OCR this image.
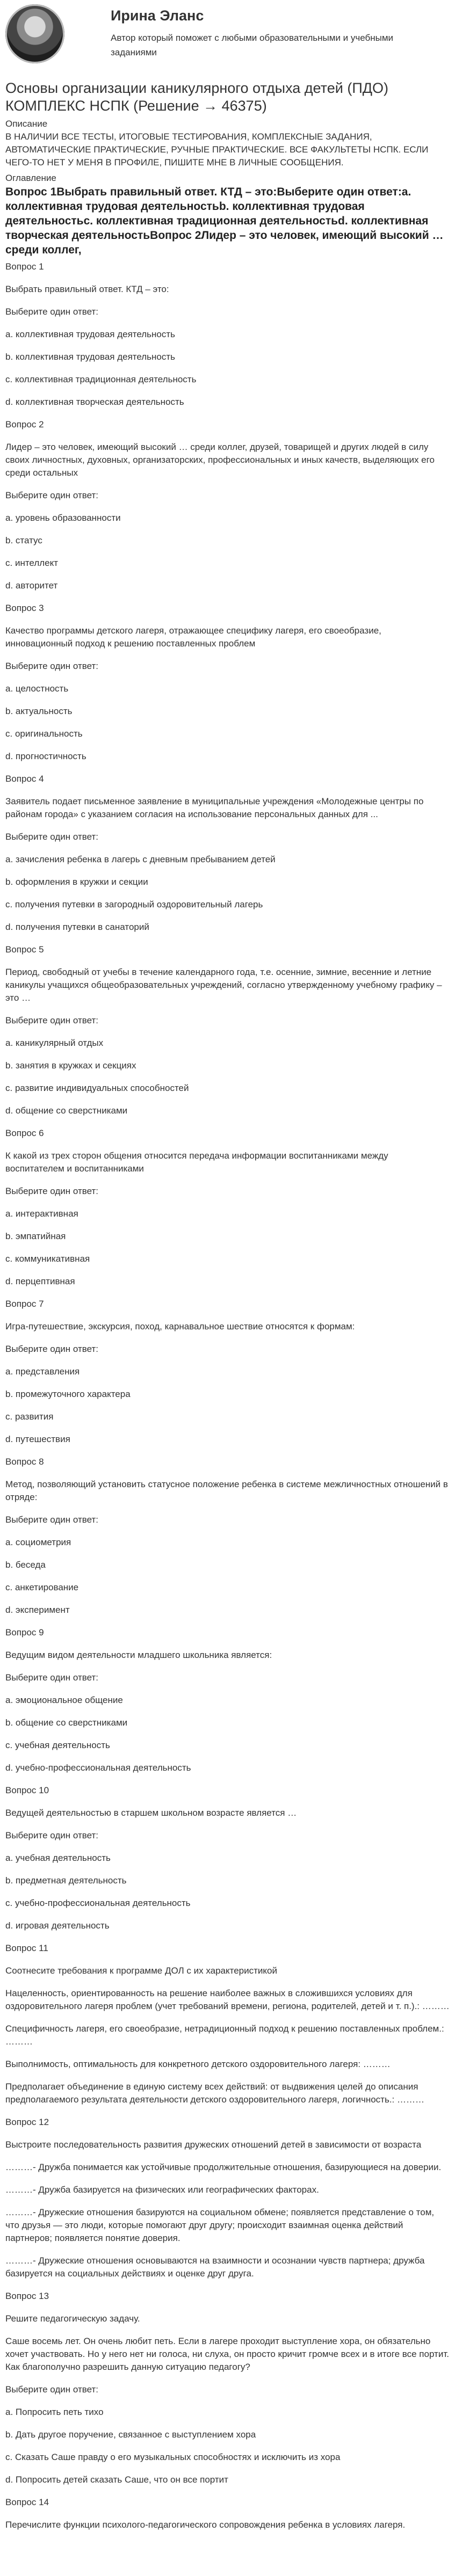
Ирина Эланс
Автор который поможет с любыми образовательными и учебными заданиями
Основы организации каникулярного отдыха детей (ПДО) КОМПЛЕКС НСПК (Решение → 46375)
Описание
В НАЛИЧИИ ВСЕ ТЕСТЫ, ИТОГОВЫЕ ТЕСТИРОВАНИЯ, КОМПЛЕКСНЫЕ ЗАДАНИЯ, АВТОМАТИЧЕСКИЕ ПРАКТИЧЕСКИЕ, РУЧНЫЕ ПРАКТИЧЕСКИЕ. ВСЕ ФАКУЛЬТЕТЫ НСПК. ЕСЛИ ЧЕГО-ТО НЕТ У МЕНЯ В ПРОФИЛЕ, ПИШИТЕ МНЕ В ЛИЧНЫЕ СООБЩЕНИЯ.
Оглавление
Вопрос 1Выбрать правильный ответ. КТД – это:Выберите один ответ:a. коллективная трудовая деятельностьb. коллективная трудовая деятельностьc. коллективная традиционная деятельностьd. коллективная творческая деятельностьВопрос 2Лидер – это человек, имеющий высокий … среди коллег,
Вопрос 1
Выбрать правильный ответ. КТД – это:
Выберите один ответ:
a. коллективная трудовая деятельность
b. коллективная трудовая деятельность
c. коллективная традиционная деятельность
d. коллективная творческая деятельность
Вопрос 2
Лидер – это человек, имеющий высокий … среди коллег, друзей, товарищей и других людей в силу своих личностных, духовных, организаторских, профессиональных и иных качеств, выделяющих его среди остальных
Выберите один ответ:
a. уровень образованности
b. статус
c. интеллект
d. авторитет
Вопрос 3
Качество программы детского лагеря, отражающее специфику лагеря, его своеобразие, инновационный подход к решению поставленных проблем
Выберите один ответ:
a. целостность
b. актуальность
c. оригинальность
d. прогностичность
Вопрос 4
Заявитель подает письменное заявление в муниципальные учреждения «Молодежные центры по районам города» с указанием согласия на использование персональных данных для ...
Выберите один ответ:
a. зачисления ребенка в лагерь с дневным пребыванием детей
b. оформления в кружки и секции
c. получения путевки в загородный оздоровительный лагерь
d. получения путевки в санаторий
Вопрос 5
Период, свободный от учебы в течение календарного года, т.е. осенние, зимние, весенние и летние каникулы учащихся общеобразовательных учреждений, согласно утвержденному учебному графику – это …
Выберите один ответ:
a. каникулярный отдых
b. занятия в кружках и секциях
c. развитие индивидуальных способностей
d. общение со сверстниками
Вопрос 6
К какой из трех сторон общения относится передача информации воспитанниками между воспитателем и воспитанниками
Выберите один ответ:
a. интерактивная
b. эмпатийная
c. коммуникативная
d. перцептивная
Вопрос 7
Игра-путешествие, экскурсия, поход, карнавальное шествие относятся к формам:
Выберите один ответ:
a. представления
b. промежуточного характера
c. развития
d. путешествия
Вопрос 8
Метод, позволяющий установить статусное положение ребенка в системе межличностных отношений в отряде:
Выберите один ответ:
a. социометрия
b. беседа
c. анкетирование
d. эксперимент
Вопрос 9
Ведущим видом деятельности младшего школьника является:
Выберите один ответ:
a. эмоциональное общение
b. общение со сверстниками
c. учебная деятельность
d. учебно-профессиональная деятельность
Вопрос 10
Ведущей деятельностью в старшем школьном возрасте является …
Выберите один ответ:
a. учебная деятельность
b. предметная деятельность
c. учебно-профессиональная деятельность
d. игровая деятельность
Вопрос 11
Соотнесите требования к программе ДОЛ с их характеристикой
Нацеленность, ориентированность на решение наиболее важных в сложившихся условиях для оздоровительного лагеря проблем (учет требований времени, региона, родителей, детей и т. п.).: ………
Специфичность лагеря, его своеобразие, нетрадиционный подход к решению поставленных проблем.: ………
Выполнимость, оптимальность для конкретного детского оздоровительного лагеря: ………
Предполагает объединение в единую систему всех действий: от выдвижения целей до описания предполагаемого результата деятельности детского оздоровительного лагеря, логичность.: ………
Вопрос 12
Выстроите последовательность развития дружеских отношений детей в зависимости от возраста
………- Дружба понимается как устойчивые продолжительные отношения, базирующиеся на доверии.
………- Дружба базируется на физических или географических факторах.
………- Дружеские отношения базируются на социальном обмене; появляется представление о том, что друзья — это люди, которые помогают друг другу; происходит взаимная оценка действий партнеров; появляется понятие доверия.
………- Дружеские отношения основываются на взаимности и осознании чувств партнера; дружба базируется на социальных действиях и оценке друг друга.
Вопрос 13
Решите педагогическую задачу.
Саше восемь лет. Он очень любит петь. Если в лагере проходит выступление хора, он обязательно хочет участвовать. Но у него нет ни голоса, ни слуха, он просто кричит громче всех и в итоге все портит. Как благополучно разрешить данную ситуацию педагогу?
Выберите один ответ:
a. Попросить петь тихо
b. Дать другое поручение, связанное с выступлением хора
c. Сказать Саше правду о его музыкальных способностях и исключить из хора
d. Попросить детей сказать Саше, что он все портит
Вопрос 14
Перечислите функции психолого-педагогического сопровождения ребенка в условиях лагеря.
